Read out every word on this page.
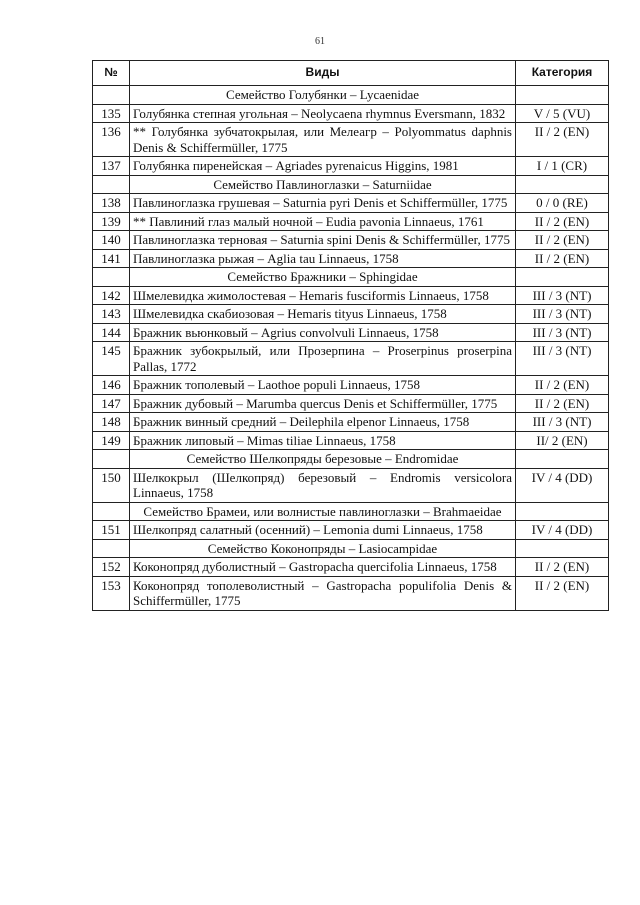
61
№	Виды	Категория
	Семейство Голубянки – Lycaenidae	
135	Голубянка степная угольная – Neolycaena rhymnus Eversmann, 1832	V / 5 (VU)
136	** Голубянка зубчатокрылая, или Мелеагр – Polyommatus daphnis Denis & Schiffermüller, 1775	II / 2 (EN)
137	Голубянка пиренейская – Agriades pyrenaicus Higgins, 1981	I / 1 (CR)
	Семейство Павлиноглазки – Saturniidae	
138	Павлиноглазка грушевая – Saturnia pyri Denis et Schiffermüller, 1775	0 / 0 (RE)
139	** Павлиний глаз малый ночной – Eudia pavonia Linnaeus, 1761	II / 2 (EN)
140	Павлиноглазка терновая – Saturnia spini Denis & Schiffermüller, 1775	II / 2 (EN)
141	Павлиноглазка рыжая – Aglia tau Linnaeus, 1758	II / 2 (EN)
	Семейство Бражники – Sphingidae	
142	Шмелевидка жимолостевая – Hemaris fusciformis Linnaeus, 1758	III / 3 (NT)
143	Шмелевидка скабиозовая – Hemaris tityus Linnaeus, 1758	III / 3 (NT)
144	Бражник вьюнковый – Agrius convolvuli Linnaeus, 1758	III / 3 (NT)
145	Бражник зубокрылый, или Прозерпина – Proserpinus proserpina Pallas, 1772	III / 3 (NT)
146	Бражник тополевый – Laothoe populi Linnaeus, 1758	II / 2 (EN)
147	Бражник дубовый – Marumba quercus Denis et Schiffermüller, 1775	II / 2 (EN)
148	Бражник винный средний – Deilephila elpenor Linnaeus, 1758	III / 3 (NT)
149	Бражник липовый – Mimas tiliae Linnaeus, 1758	II/ 2 (EN)
	Семейство Шелкопряды березовые – Endromidae	
150	Шелкокрыл (Шелкопряд) березовый – Endromis versicolora Linnaeus, 1758	IV / 4 (DD)
	Семейство Брамеи, или волнистые павлиноглазки – Brahmaeidae	
151	Шелкопряд салатный (осенний) – Lemonia dumi Linnaeus, 1758	IV / 4 (DD)
	Семейство Коконопряды – Lasiocampidae	
152	Коконопряд дуболистный – Gastropacha quercifolia Linnaeus, 1758	II / 2 (EN)
153	Коконопряд тополеволистный – Gastropacha populifolia Denis & Schiffermüller, 1775	II / 2 (EN)
